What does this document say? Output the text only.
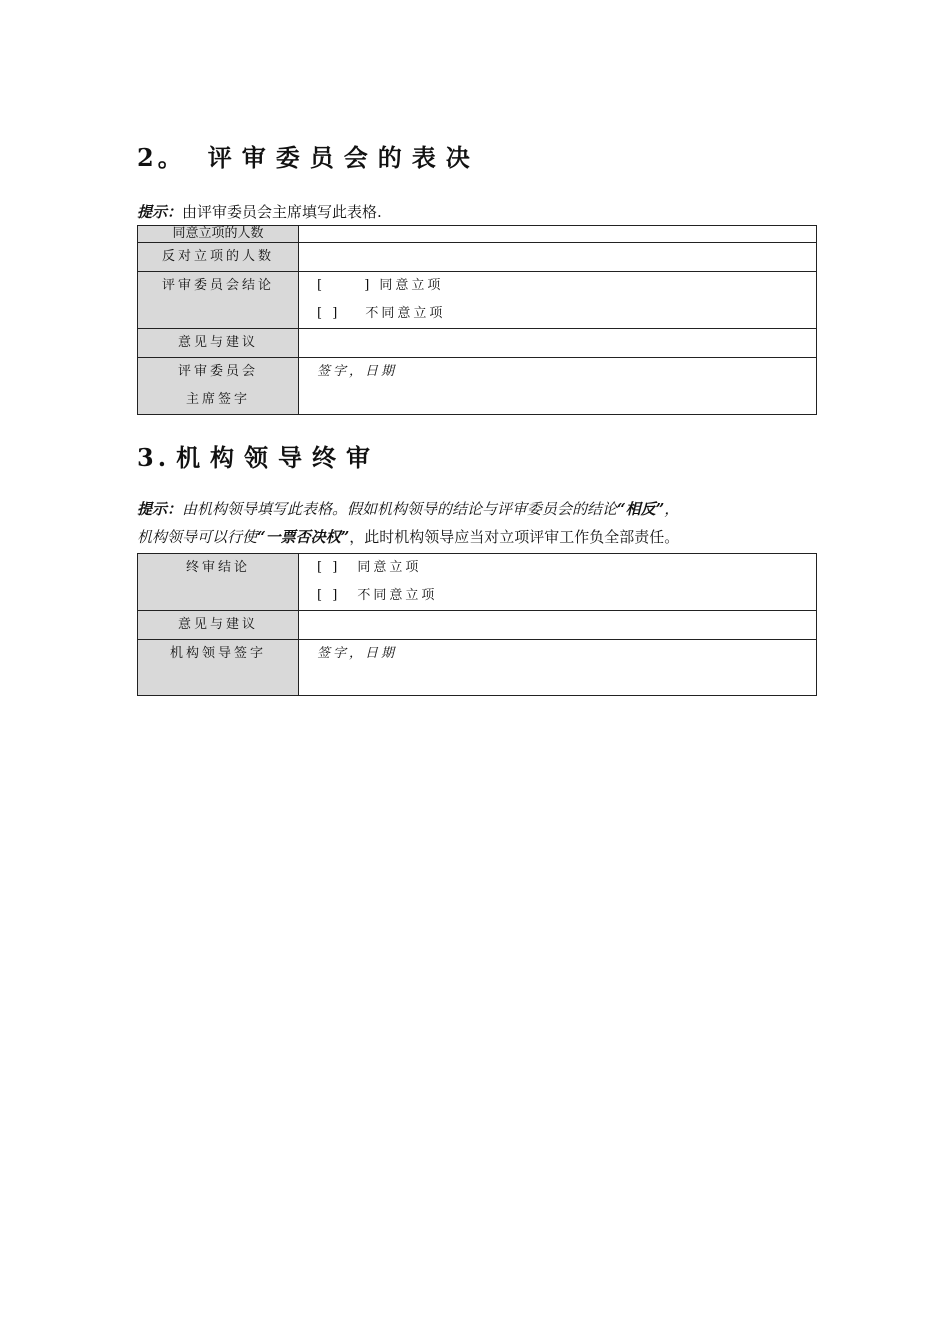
2。 评审委员会的表决

提示：由评审委员会主席填写此表格.

同意立项的人数	

反对立项的人数	

评审委员会结论	[　　 ] 同意立项
[ ] 不同意立项

意见与建议	

评审委员会
主席签字	签字，日期
3. 机构领导终审

提示：由机构领导填写此表格。假如机构领导的结论与评审委员会的结论“相反”，
机构领导可以行使“一票否决权”，此时机构领导应当对立项评审工作负全部责任。

终审结论	[ ] 同意立项
[ ] 不同意立项

意见与建议	

机构领导签字	签字，日期
